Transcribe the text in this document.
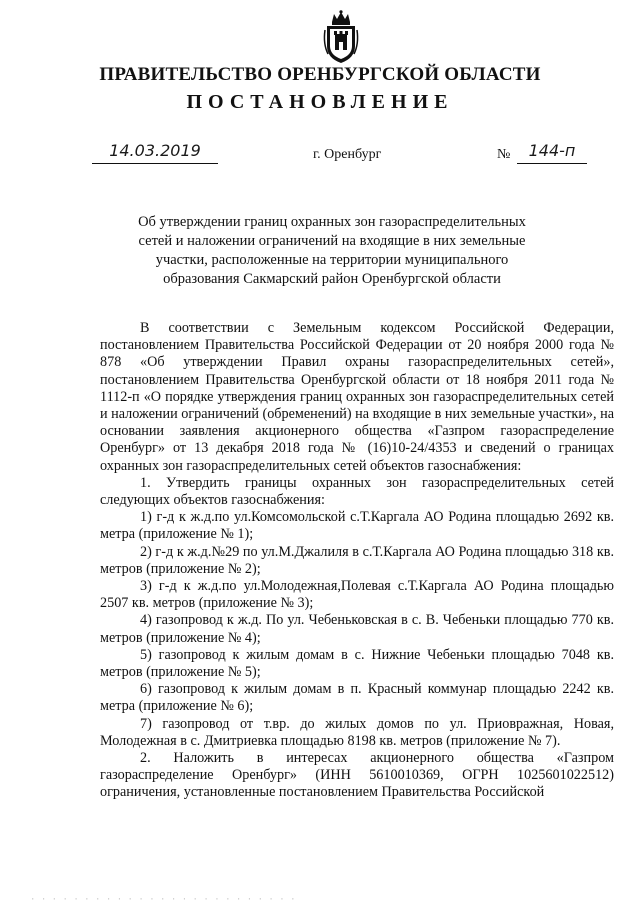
ПРАВИТЕЛЬСТВО ОРЕНБУРГСКОЙ ОБЛАСТИ
ПОСТАНОВЛЕНИЕ
14.03.2019	г. Оренбург	№	144-п
Об утверждении границ охранных зон газораспределительных сетей и наложении ограничений на входящие в них земельные участки, расположенные на территории муниципального образования Сакмарский район Оренбургской области

В соответствии с Земельным кодексом Российской Федерации, постановлением Правительства Российской Федерации от 20 ноября 2000 года № 878 «Об утверждении Правил охраны газораспределительных сетей», постановлением Правительства Оренбургской области от 18 ноября 2011 года № 1112-п «О порядке утверждения границ охранных зон газораспределительных сетей и наложении ограничений (обременений) на входящие в них земельные участки», на основании заявления акционерного общества «Газпром газораспределение Оренбург» от 13 декабря 2018 года № (16)10-24/4353 и сведений о границах охранных зон газораспределительных сетей объектов газоснабжения:

1. Утвердить границы охранных зон газораспределительных сетей следующих объектов газоснабжения:

1) г-д к ж.д.по ул.Комсомольской с.Т.Каргала АО Родина площадью 2692 кв. метра (приложение № 1);

2) г-д к ж.д.№29 по ул.М.Джалиля в с.Т.Каргала АО Родина площадью 318 кв. метров (приложение № 2);

3) г-д к ж.д.по ул.Молодежная,Полевая с.Т.Каргала АО Родина площадью 2507 кв. метров (приложение № 3);

4) газопровод к ж.д. По ул. Чебеньковская в с. В. Чебеньки площадью 770 кв. метров (приложение № 4);

5) газопровод к жилым домам в с. Нижние Чебеньки площадью 7048 кв. метров (приложение № 5);

6) газопровод к жилым домам в п. Красный коммунар площадью 2242 кв. метра (приложение № 6);

7) газопровод от т.вр. до жилых домов по ул. Приовражная, Новая, Молодежная в с. Дмитриевка площадью 8198 кв. метров (приложение № 7).

2. Наложить в интересах акционерного общества «Газпром газораспределение Оренбург» (ИНН 5610010369, ОГРН 1025601022512) ограничения, установленные постановлением Правительства Российской

· · · · · · · · · · · · · · · · · · · · · · · · ·
